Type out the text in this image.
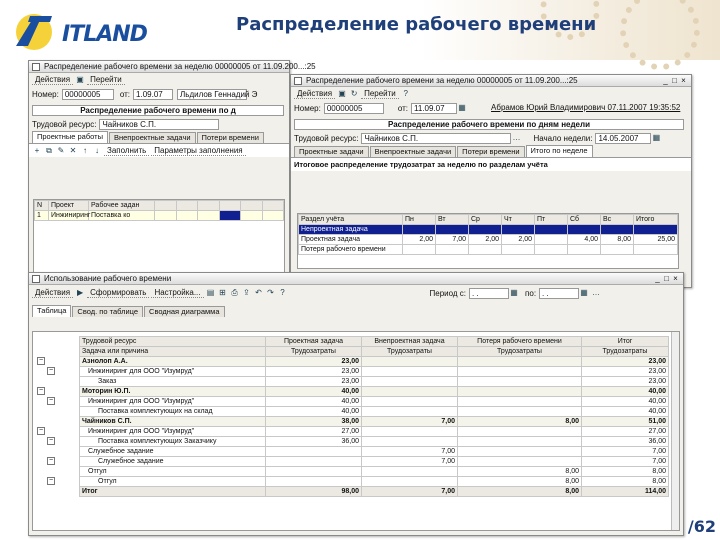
ITLAND	Распределение рабочего времени
Распределение рабочего времени за неделю 00000005 от 11.09.200...:25
Действия ▣ Перейти
Номер: 00000005	от: 1.09.07	Льдилов Геннадий Э
Распределение рабочего времени по д
Трудовой ресурс: Чайников С.П.
Проектные работы	Внепроектные задачи	Потери времени
+ ⧉ ✎ ✕ ↑	↓	Заполнить	Параметры заполнения
N	Проект	Рабочее задан						
1	Инжиниринг	Поставка ко						
Распределение рабочего времени за неделю 00000005 от 11.09.200...:25	_ □ ×
Действия ▣ ↻ Перейти ?
Номер: 00000005	от: 11.09.07	▦	Абрамов Юрий Владимирович 07.11.2007 19:35:52
Распределение рабочего времени по дням недели
Трудовой ресурс: Чайников С.П.	… Начало недели: 14.05.2007	▦
Проектные задачи	Внепроектные задачи	Потери времени	Итого по неделе
Итоговое распределение трудозатрат за неделю по разделам учёта
Раздел учёта	Пн	Вт	Ср	Чт	Пт	Сб	Вс	Итого
Непроектная задача								
Проектная задача	2,00	7,00	2,00	2,00		4,00	8,00	25,00
Потеря рабочего времени								
Использование рабочего времени	_ □ ×
Действия ▶ Сформировать	Настройка... ▤ ⊞ ⎙ ⇪ ↶ ↷ ?	Период с: . .	▦ по: . .	▦ …
Таблица	Свод. по таблице	Сводная диаграмма
−
−
−
−
−
−
−
−
Трудовой ресурс	Проектная задача	Внепроектная задача	Потеря рабочего времени	Итог
Задача или причина	Трудозатраты	Трудозатраты	Трудозатраты	Трудозатраты
Азнолоп А.А.	23,00			23,00
Инжиниринг для ООО "Изумруд"	23,00			23,00
Заказ	23,00			23,00
Моторин Ю.П.	40,00			40,00
Инжиниринг для ООО "Изумруд"	40,00			40,00
Поставка комплектующих на склад	40,00			40,00
Чайников С.П.	38,00	7,00	8,00	51,00
Инжиниринг для ООО "Изумруд"	27,00			27,00
Поставка комплектующих Заказчику	36,00			36,00
Служебное задание		7,00		7,00
Служебное задание		7,00		7,00
Отгул			8,00	8,00
Отгул			8,00	8,00
Итог	98,00	7,00	8,00	114,00
/62
